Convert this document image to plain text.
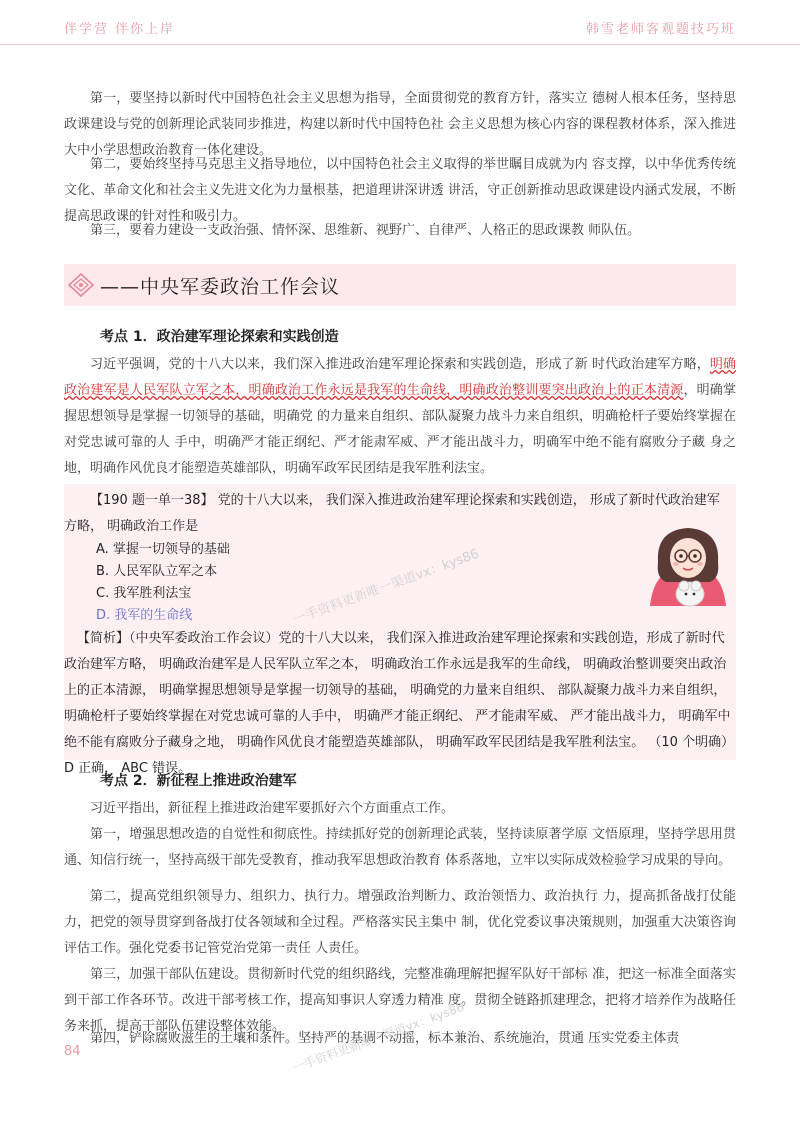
伴学营 伴你上岸	韩雪老师客观题技巧班

第一，要坚持以新时代中国特色社会主义思想为指导，全面贯彻党的教育方针，落实立 德树人根本任务，坚持思政课建设与党的创新理论武装同步推进，构建以新时代中国特色社 会主义思想为核心内容的课程教材体系，深入推进大中小学思想政治教育一体化建设。

第二，要始终坚持马克思主义指导地位，以中国特色社会主义取得的举世瞩目成就为内 容支撑，以中华优秀传统文化、革命文化和社会主义先进文化为力量根基，把道理讲深讲透 讲活，守正创新推动思政课建设内涵式发展，不断提高思政课的针对性和吸引力。

第三，要着力建设一支政治强、情怀深、思维新、视野广、自律严、人格正的思政课教 师队伍。

——中央军委政治工作会议
考点 1．政治建军理论探索和实践创造

习近平强调，党的十八大以来，我们深入推进政治建军理论探索和实践创造，形成了新 时代政治建军方略，明确政治建军是人民军队立军之本，明确政治工作永远是我军的生命线，明确政治整训要突出政治上的正本清源，明确掌握思想领导是掌握一切领导的基础，明确党 的力量来自组织、部队凝聚力战斗力来自组织，明确枪杆子要始终掌握在对党忠诚可靠的人 手中，明确严才能正纲纪、严才能肃军威、严才能出战斗力，明确军中绝不能有腐败分子藏 身之地，明确作风优良才能塑造英雄部队，明确军政军民团结是我军胜利法宝。

【190 题一单一38】 党的十八大以来， 我们深入推进政治建军理论探索和实践创造， 形成了新时代政治建军方略， 明确政治工作是

A. 掌握一切领导的基础
B. 人民军队立军之本
C. 我军胜利法宝
D. 我军的生命线

【简析】（中央军委政治工作会议）党的十八大以来， 我们深入推进政治建军理论探索和实践创造，形成了新时代政治建军方略， 明确政治建军是人民军队立军之本， 明确政治工作永远是我军的生命线， 明确政治整训要突出政治上的正本清源， 明确掌握思想领导是掌握一切领导的基础， 明确党的力量来自组织、 部队凝聚力战斗力来自组织， 明确枪杆子要始终掌握在对党忠诚可靠的人手中， 明确严才能正纲纪、 严才能肃军威、 严才能出战斗力， 明确军中绝不能有腐败分子藏身之地， 明确作风优良才能塑造英雄部队， 明确军政军民团结是我军胜利法宝。 （10 个明确） D 正确， ABC 错误。

一手资料更新唯一渠道vx：kys86
考点 2．新征程上推进政治建军

习近平指出，新征程上推进政治建军要抓好六个方面重点工作。

第一，增强思想改造的自觉性和彻底性。持续抓好党的创新理论武装，坚持读原著学原 文悟原理，坚持学思用贯通、知信行统一，坚持高级干部先受教育，推动我军思想政治教育 体系落地，立牢以实际成效检验学习成果的导向。

第二，提高党组织领导力、组织力、执行力。增强政治判断力、政治领悟力、政治执行 力，提高抓备战打仗能力，把党的领导贯穿到备战打仗各领域和全过程。严格落实民主集中 制，优化党委议事决策规则，加强重大决策咨询评估工作。强化党委书记管党治党第一责任 人责任。

第三，加强干部队伍建设。贯彻新时代党的组织路线，完整准确理解把握军队好干部标 准，把这一标准全面落实到干部工作各环节。改进干部考核工作，提高知事识人穿透力精准 度。贯彻全链路抓建理念，把将才培养作为战略任务来抓，提高干部队伍建设整体效能。

第四，铲除腐败滋生的土壤和条件。坚持严的基调不动摇，标本兼治、系统施治，贯通 压实党委主体责

84	一手资料更新唯一渠道vx：kys86
